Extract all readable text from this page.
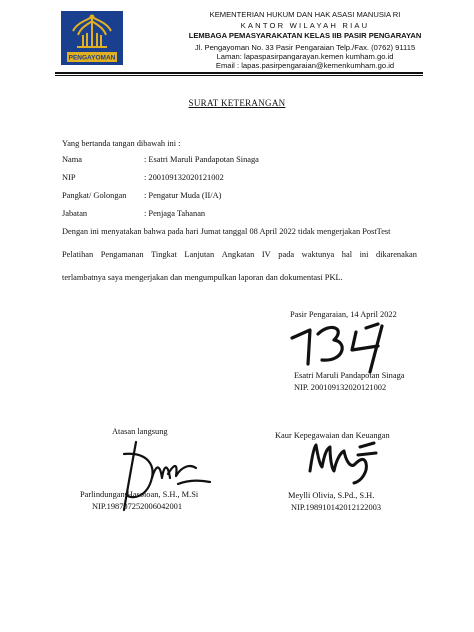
PENGAYOMAN
KEMENTERIAN HUKUM DAN HAK ASASI MANUSIA RI
KANTOR WILAYAH RIAU
LEMBAGA PEMASYARAKATAN KELAS IIB PASIR PENGARAYAN
Jl. Pengayoman No. 33 Pasir Pengaraian Telp./Fax. (0762) 91115
Laman: lapaspasirpangarayan.kemen kumham.go.id
Email : lapas.pasirpengaraian@kemenkumham.go.id
SURAT KETERANGAN
Yang bertanda tangan dibawah ini :
Nama	: Esatri Maruli Pandapotan Sinaga
NIP	: 200109132020121002
Pangkat/ Golongan : Pengatur Muda (II/A)
Jabatan	: Penjaga Tahanan
Dengan ini menyatakan bahwa pada hari Jumat tanggal 08 April 2022 tidak mengerjakan PostTest
Pelatihan Pengamanan Tingkat Lanjutan Angkatan IV pada waktunya hal ini dikarenakan
terlambatnya saya mengerjakan dan mengumpulkan laporan dan dokumentasi PKL.
Pasir Pengaraian, 14 April 2022
Esatri Maruli Pandapotan Sinaga
NIP. 200109132020121002
Atasan langsung	Kaur Kepegawaian dan Keuangan
Parlindungan Hasoloan, S.H., M.Si
NIP.198707252006042001
Meylli Olivia, S.Pd., S.H.
NIP.198910142012122003
